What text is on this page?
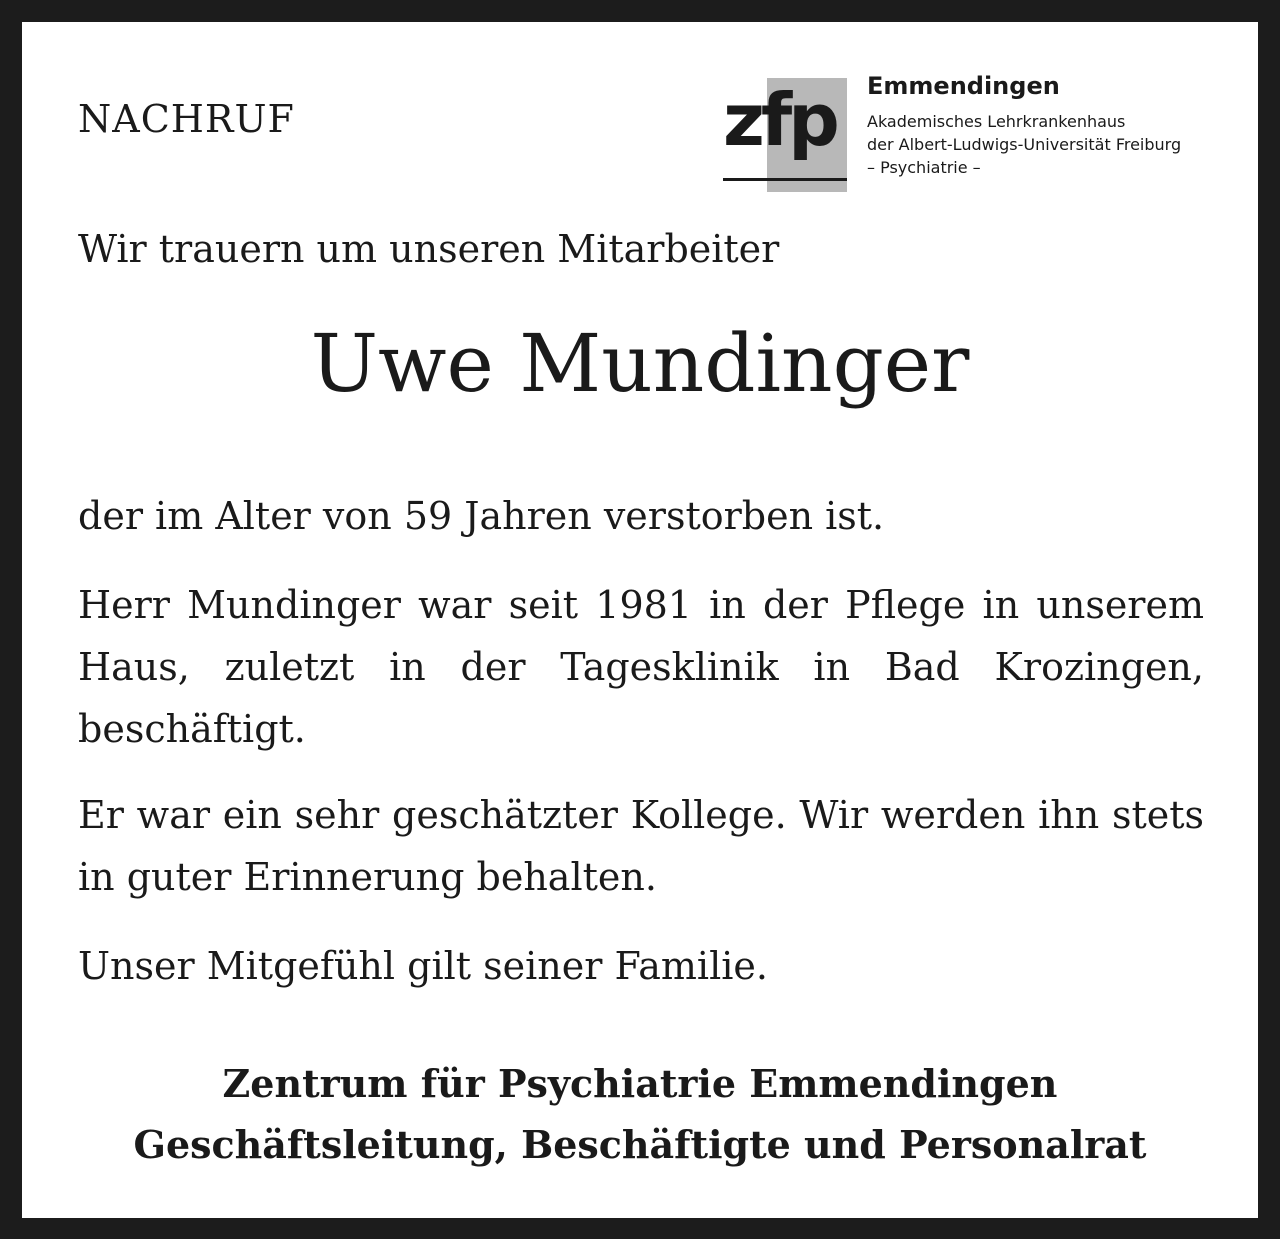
NACHRUF	zfp Emmendingen
Akademisches Lehrkrankenhaus
der Albert-Ludwigs-Universität Freiburg
– Psychiatrie –
Wir trauern um unseren Mitarbeiter
Uwe Mundinger
der im Alter von 59 Jahren verstorben ist.
Herr Mundinger war seit 1981 in der Pflege in unserem Haus, zuletzt in der Tagesklinik in Bad Krozingen, beschäftigt.
Er war ein sehr geschätzter Kollege. Wir werden ihn stets in guter Erinnerung behalten.
Unser Mitgefühl gilt seiner Familie.
Zentrum für Psychiatrie Emmendingen
Geschäftsleitung, Beschäftigte und Personalrat
